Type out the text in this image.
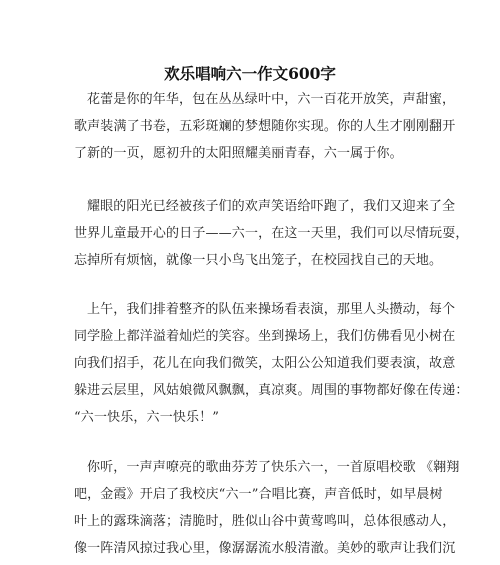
欢乐唱响六一作文600字

花蕾是你的年华，包在丛丛绿叶中，六一百花开放笑，声甜蜜，
歌声装满了书卷，五彩斑斓的梦想随你实现。你的人生才刚刚翻开
了新的一页，愿初升的太阳照耀美丽青春，六一属于你。

耀眼的阳光已经被孩子们的欢声笑语给吓跑了，我们又迎来了全
世界儿童最开心的日子——六一，在这一天里，我们可以尽情玩耍，
忘掉所有烦恼，就像一只小鸟飞出笼子，在校园找自己的天地。

上午，我们排着整齐的队伍来操场看表演，那里人头攒动，每个
同学脸上都洋溢着灿烂的笑容。坐到操场上，我们仿佛看见小树在
向我们招手，花儿在向我们微笑，太阳公公知道我们要表演，故意
躲进云层里，风姑娘微风飘飘，真凉爽。周围的事物都好像在传递：
“六一快乐，六一快乐！”

你听，一声声嘹亮的歌曲芬芳了快乐六一，一首原唱校歌 《翱翔
吧，金霞》开启了我校庆“六一”合唱比赛，声音低时，如早晨树
叶上的露珠滴落；清脆时，胜似山谷中黄莺鸣叫，总体很感动人，
像一阵清风掠过我心里，像潺潺流水般清澈。美妙的歌声让我们沉
